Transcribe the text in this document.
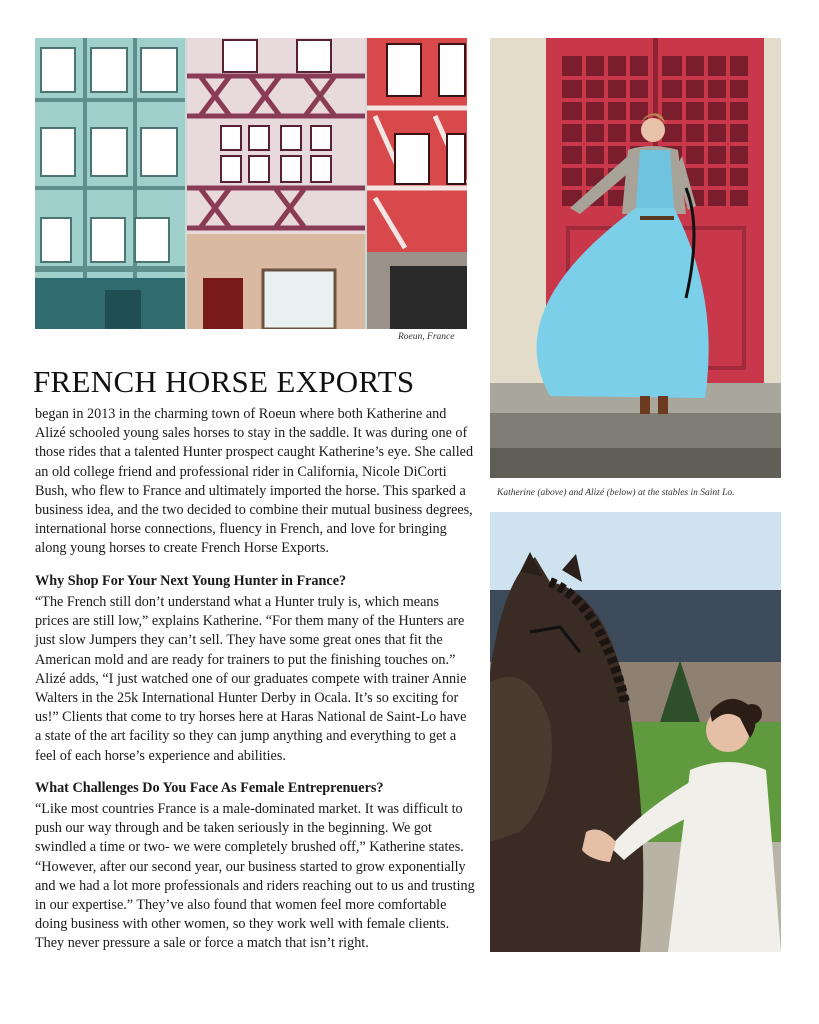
Roeun, France
Katherine (above) and Alizé (below) at the stables in Saint Lo.
FRENCH HORSE EXPORTS

began in 2013 in the charming town of Roeun where both Katherine and Alizé schooled young sales horses to stay in the saddle. It was during one of those rides that a talented Hunter prospect caught Katherine’s eye. She called an old college friend and professional rider in California, Nicole DiCorti Bush, who flew to France and ultimately imported the horse. This sparked a business idea, and the two decided to combine their mutual business degrees, international horse connections, fluency in French, and love for bringing along young horses to create French Horse Exports.

Why Shop For Your Next Young Hunter in France?

“The French still don’t understand what a Hunter truly is, which means prices are still low,” explains Katherine. “For them many of the Hunters are just slow Jumpers they can’t sell. They have some great ones that fit the American mold and are ready for trainers to put the finishing touches on.” Alizé adds, “I just watched one of our graduates compete with trainer Annie Walters in the 25k International Hunter Derby in Ocala. It’s so exciting for us!” Clients that come to try horses here at Haras National de Saint-Lo have a state of the art facility so they can jump anything and everything to get a feel of each horse’s experience and abilities.

What Challenges Do You Face As Female Entreprenuers?

“Like most countries France is a male-dominated market. It was difficult to push our way through and be taken seriously in the beginning. We got swindled a time or two- we were completely brushed off,” Katherine states. “However, after our second year, our business started to grow exponentially and we had a lot more professionals and riders reaching out to us and trusting in our expertise.” They’ve also found that women feel more comfortable doing business with other women, so they work well with female clients. They never pressure a sale or force a match that isn’t right.
